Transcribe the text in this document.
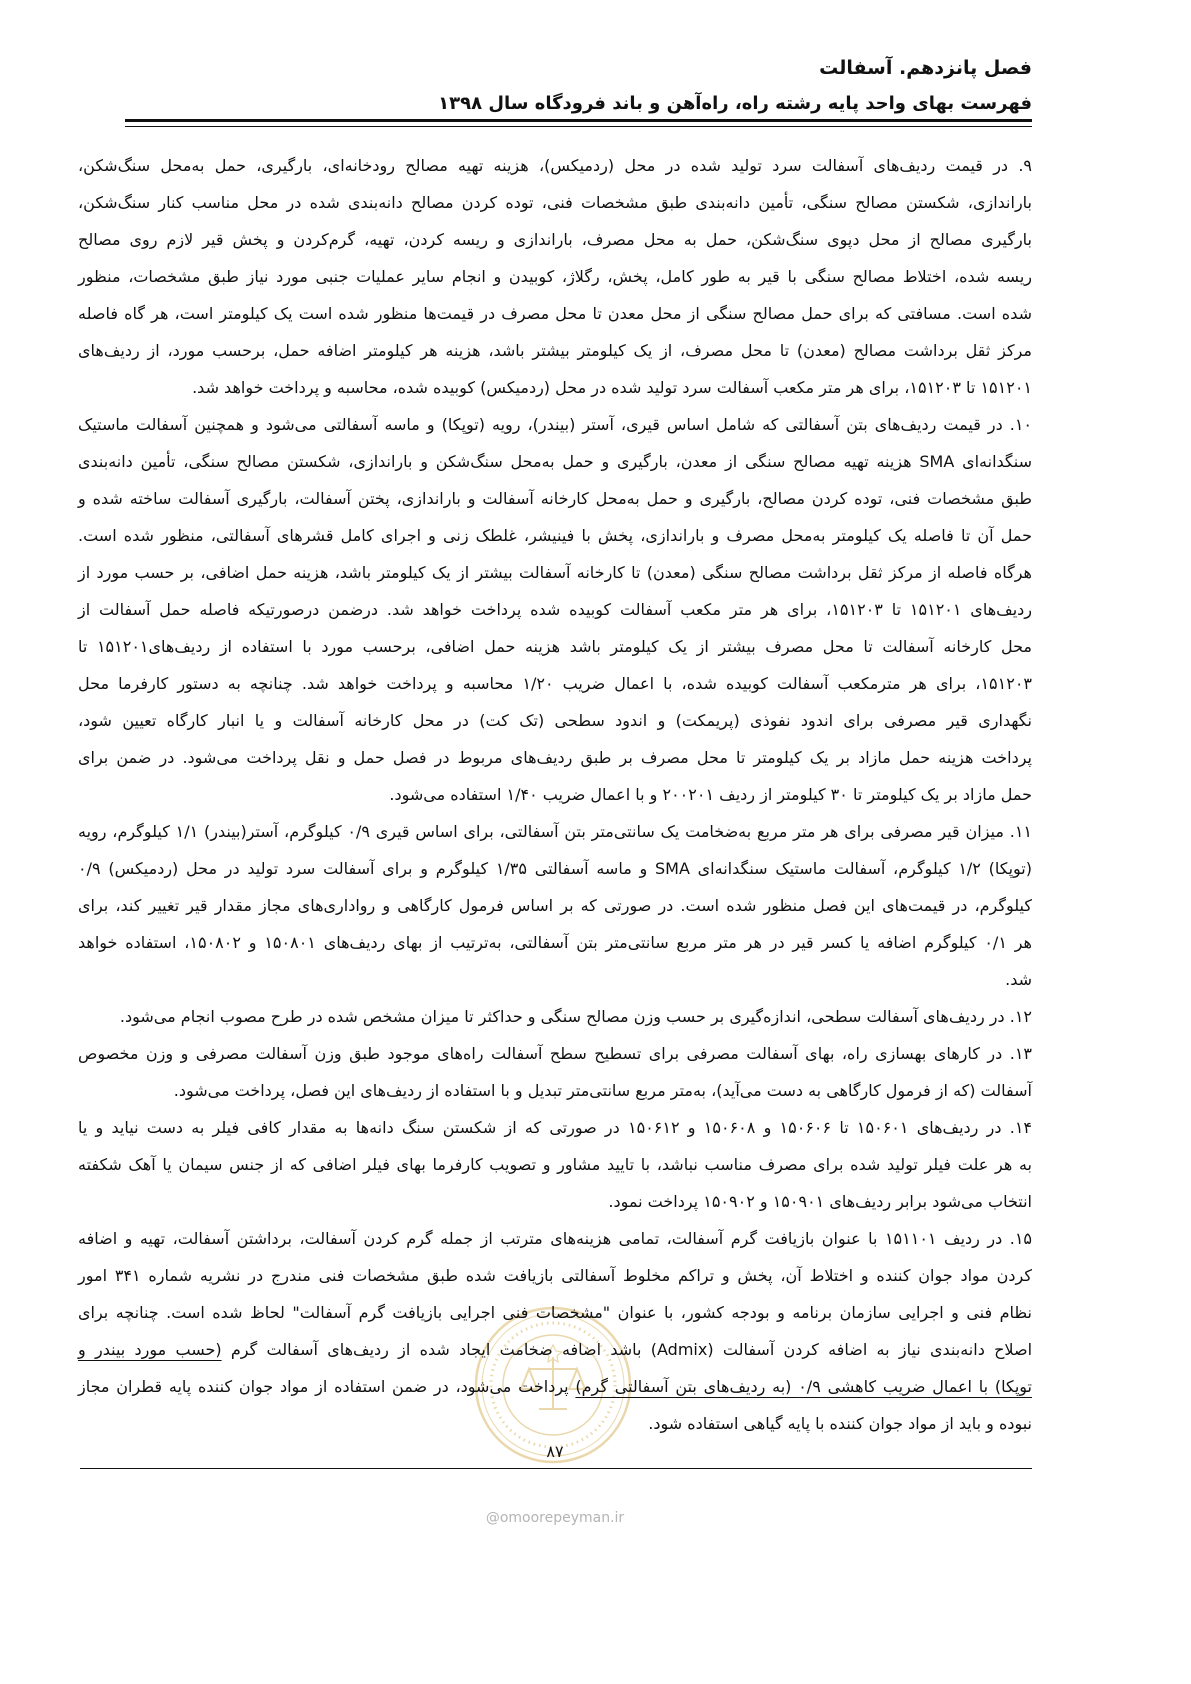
فصل پانزدهم. آسفالت
فهرست بهای واحد پایه رشته راه، راه‌آهن و باند فرودگاه سال ۱۳۹۸
۹. در قیمت ردیف‌های آسفالت سرد تولید شده در محل (ردمیکس)، هزینه تهیه مصالح رودخانه‌ای، بارگیری، حمل به‌محل سنگ‌شکن،
باراندازی، شکستن مصالح سنگی، تأمین دانه‌بندی طبق مشخصات فنی، توده کردن مصالح دانه‌بندی شده در محل مناسب کنار سنگ‌شکن،
بارگیری مصالح از محل دپوی سنگ‌شکن، حمل به محل مصرف، باراندازی و ریسه کردن، تهیه، گرم‌کردن و پخش قیر لازم روی مصالح
ریسه شده، اختلاط مصالح سنگی با قیر به طور کامل، پخش، رگلاژ، کوبیدن و انجام سایر عملیات جنبی مورد نیاز طبق مشخصات، منظور
شده است. مسافتی که برای حمل مصالح سنگی از محل معدن تا محل مصرف در قیمت‌ها منظور شده است یک کیلومتر است، هر گاه فاصله
مرکز ثقل برداشت مصالح (معدن) تا محل مصرف، از یک کیلومتر بیشتر باشد، هزینه هر کیلومتر اضافه حمل، برحسب مورد، از ردیف‌های
۱۵۱۲۰۱ تا ۱۵۱۲۰۳، برای هر متر مکعب آسفالت سرد تولید شده در محل (ردمیکس) کوبیده شده، محاسبه و پرداخت خواهد شد.
۱۰. در قیمت ردیف‌های بتن آسفالتی که شامل اساس قیری، آستر (بیندر)، رویه (توپکا) و ماسه آسفالتی می‌شود و همچنین آسفالت ماستیک
سنگدانه‌ای SMA هزینه تهیه مصالح سنگی از معدن، بارگیری و حمل به‌محل سنگ‌شکن و باراندازی، شکستن مصالح سنگی، تأمین دانه‌بندی
طبق مشخصات فنی، توده کردن مصالح، بارگیری و حمل به‌محل کارخانه آسفالت و باراندازی، پختن آسفالت، بارگیری آسفالت ساخته شده و
حمل آن تا فاصله یک کیلومتر به‌محل مصرف و باراندازی، پخش با فینیشر، غلطک زنی و اجرای کامل قشرهای آسفالتی، منظور شده است.
هرگاه فاصله از مرکز ثقل برداشت مصالح سنگی (معدن) تا کارخانه آسفالت بیشتر از یک کیلومتر باشد، هزینه حمل اضافی، بر حسب مورد از
ردیف‌های ۱۵۱۲۰۱ تا ۱۵۱۲۰۳، برای هر متر مکعب آسفالت کوبیده شده پرداخت خواهد شد. درضمن درصورتیکه فاصله حمل آسفالت از
محل کارخانه آسفالت تا محل مصرف بیشتر از یک کیلومتر باشد هزینه حمل اضافی، برحسب مورد با استفاده از ردیف‌های۱۵۱۲۰۱ تا
۱۵۱۲۰۳، برای هر مترمکعب آسفالت کوبیده شده، با اعمال ضریب ۱/۲۰ محاسبه و پرداخت خواهد شد. چنانچه به دستور کارفرما محل
نگهداری قیر مصرفی برای اندود نفوذی (پریمکت) و اندود سطحی (تک کت) در محل کارخانه آسفالت و یا انبار کارگاه تعیین شود،
پرداخت هزینه حمل مازاد بر یک کیلومتر تا محل مصرف بر طبق ردیف‌های مربوط در فصل حمل و نقل پرداخت می‌شود. در ضمن برای
حمل مازاد بر یک کیلومتر تا ۳۰ کیلومتر از ردیف ۲۰۰۲۰۱ و با اعمال ضریب ۱/۴۰ استفاده می‌شود.
۱۱. میزان قیر مصرفی برای هر متر مربع به‌ضخامت یک سانتی‌متر بتن آسفالتی، برای اساس قیری ۰/۹ کیلوگرم، آستر(بیندر) ۱/۱ کیلوگرم، رویه
(توپکا) ۱/۲ کیلوگرم، آسفالت ماستیک سنگدانه‌ای SMA و ماسه آسفالتی ۱/۳۵ کیلوگرم و برای آسفالت سرد تولید در محل (ردمیکس) ۰/۹
کیلوگرم، در قیمت‌های این فصل منظور شده است. در صورتی که بر اساس فرمول کارگاهی و رواداری‌های مجاز مقدار قیر تغییر کند، برای
هر ۰/۱ کیلوگرم اضافه یا کسر قیر در هر متر مربع سانتی‌متر بتن آسفالتی، به‌ترتیب از بهای ردیف‌های ۱۵۰۸۰۱ و ۱۵۰۸۰۲، استفاده خواهد
شد.
۱۲. در ردیف‌های آسفالت سطحی، اندازه‌گیری بر حسب وزن مصالح سنگی و حداکثر تا میزان مشخص شده در طرح مصوب انجام می‌شود.
۱۳. در کارهای بهسازی راه، بهای آسفالت مصرفی برای تسطیح سطح آسفالت راه‌های موجود طبق وزن آسفالت مصرفی و وزن مخصوص
آسفالت (که از فرمول کارگاهی به دست می‌آید)، به‌متر مربع سانتی‌متر تبدیل و با استفاده از ردیف‌های این فصل، پرداخت می‌شود.
۱۴. در ردیف‌های ۱۵۰۶۰۱ تا ۱۵۰۶۰۶ و ۱۵۰۶۰۸ و ۱۵۰۶۱۲ در صورتی که از شکستن سنگ دانه‌ها به مقدار کافی فیلر به دست نیاید و یا
به هر علت فیلر تولید شده برای مصرف مناسب نباشد، با تایید مشاور و تصویب کارفرما بهای فیلر اضافی که از جنس سیمان یا آهک شکفته
انتخاب می‌شود برابر ردیف‌های ۱۵۰۹۰۱ و ۱۵۰۹۰۲ پرداخت نمود.
۱۵. در ردیف ۱۵۱۱۰۱ با عنوان بازیافت گرم آسفالت، تمامی هزینه‌های مترتب از جمله گرم کردن آسفالت، برداشتن آسفالت، تهیه و اضافه
کردن مواد جوان کننده و اختلاط آن، پخش و تراکم مخلوط آسفالتی بازیافت شده طبق مشخصات فنی مندرج در نشریه شماره ۳۴۱ امور
نظام فنی و اجرایی سازمان برنامه و بودجه کشور، با عنوان "مشخصات فنی اجرایی بازیافت گرم آسفالت" لحاظ شده است. چنانچه برای
اصلاح دانه‌بندی نیاز به اضافه کردن آسفالت (Admix) باشد اضافه ضخامت ایجاد شده از ردیف‌های آسفالت گرم (حسب مورد بیندر و
توپکا) با اعمال ضریب کاهشی ۰/۹ (به ردیف‌های بتن آسفالتی گرم) پرداخت می‌شود، در ضمن استفاده از مواد جوان کننده پایه قطران مجاز
نبوده و باید از مواد جوان کننده با پایه گیاهی استفاده شود.
۸۷
@omoorepeyman.ir
